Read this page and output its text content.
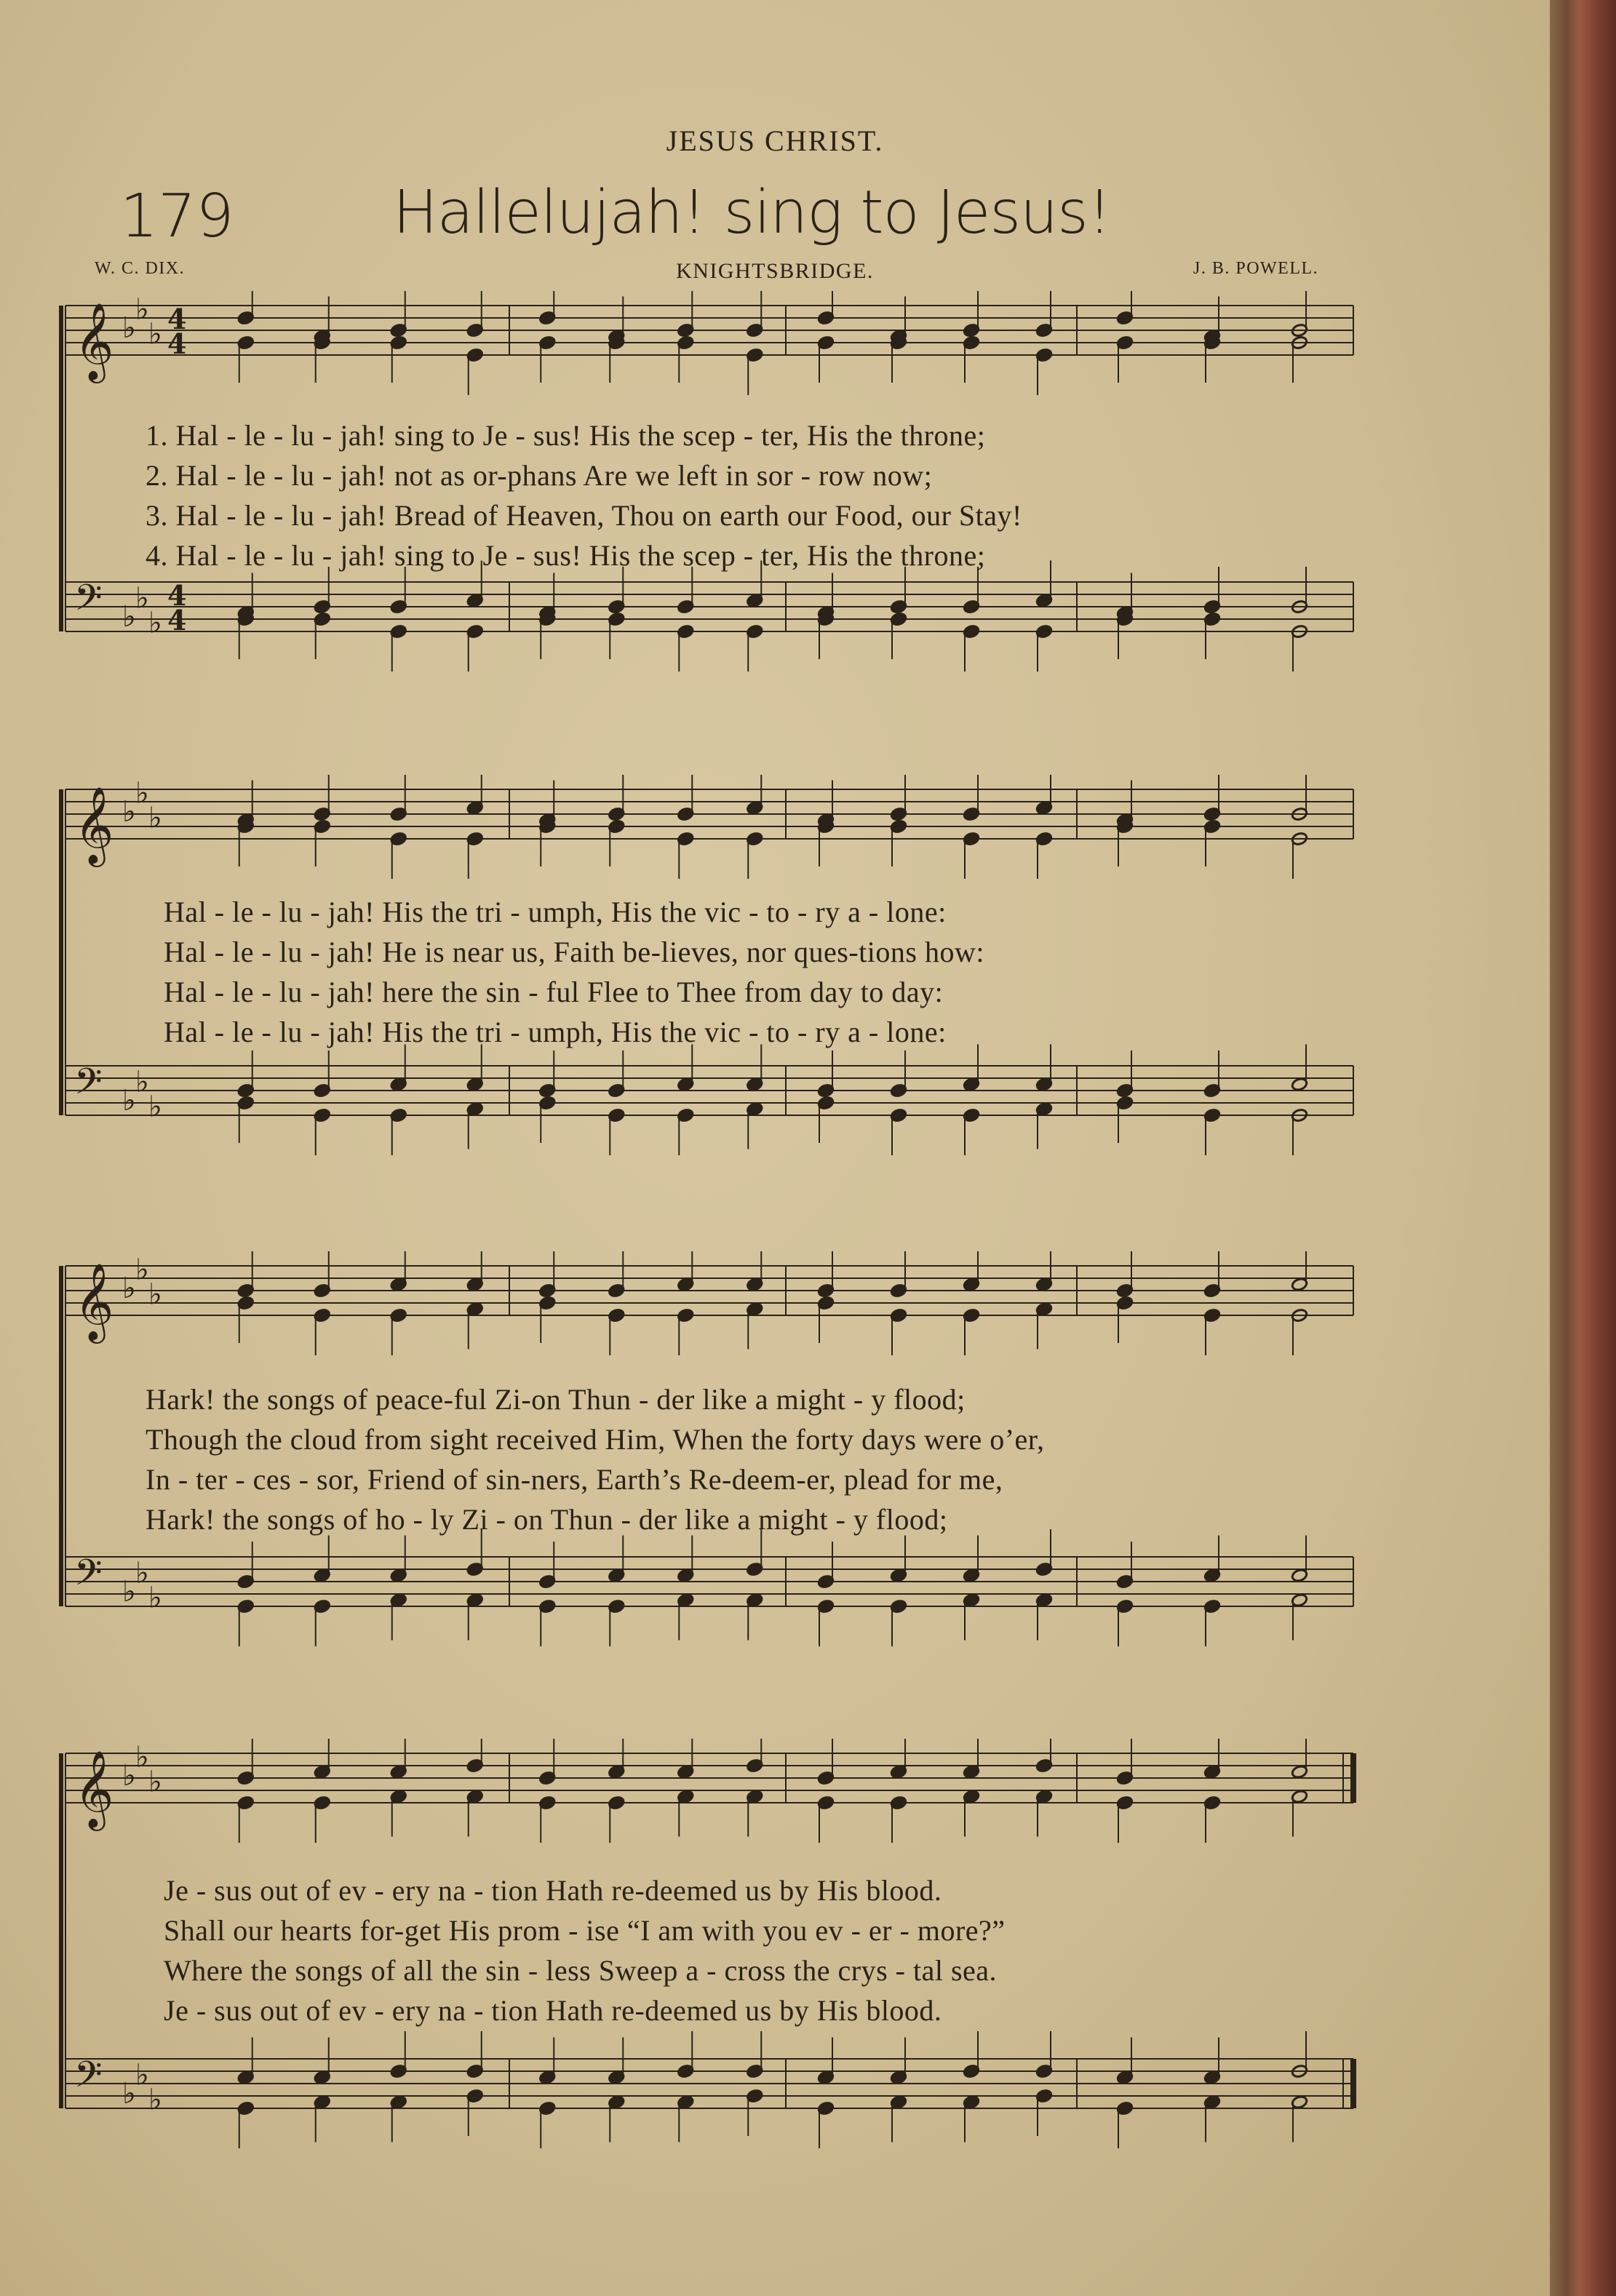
JESUS CHRIST.
179	Hallelujah! sing to Jesus!
W. C. DIX.	KNIGHTSBRIDGE.	J. B. POWELL.
𝄞 ♭
♭
♭ 4
4
𝄢 ♭
♭
♭
4
4
1. Hal - le - lu - jah! sing to Je - sus! His the scep - ter, His the throne;
2. Hal - le - lu - jah! not as or-phans Are we left in sor - row now;
3. Hal - le - lu - jah! Bread of Heaven, Thou on earth our Food, our Stay!
4. Hal - le - lu - jah! sing to Je - sus! His the scep - ter, His the throne;
𝄞 ♭
♭
♭
𝄢 ♭
♭
♭
Hal - le - lu - jah! His the tri - umph, His the vic - to - ry a - lone:
Hal - le - lu - jah! He is near us, Faith be-lieves, nor ques-tions how:
Hal - le - lu - jah! here the sin - ful Flee to Thee from day to day:
Hal - le - lu - jah! His the tri - umph, His the vic - to - ry a - lone:
𝄞 ♭
♭
♭
𝄢 ♭
♭
♭
Hark! the songs of peace-ful Zi-on Thun - der like a might - y flood;
Though the cloud from sight received Him, When the forty days were o’er,
In - ter - ces - sor, Friend of sin-ners, Earth’s Re-deem-er, plead for me,
Hark! the songs of ho - ly Zi - on Thun - der like a might - y flood;
𝄞 ♭
♭
♭
𝄢 ♭
♭
♭
Je - sus out of ev - ery na - tion Hath re-deemed us by His blood.
Shall our hearts for-get His prom - ise “I am with you ev - er - more?”
Where the songs of all the sin - less Sweep a - cross the crys - tal sea.
Je - sus out of ev - ery na - tion Hath re-deemed us by His blood.
